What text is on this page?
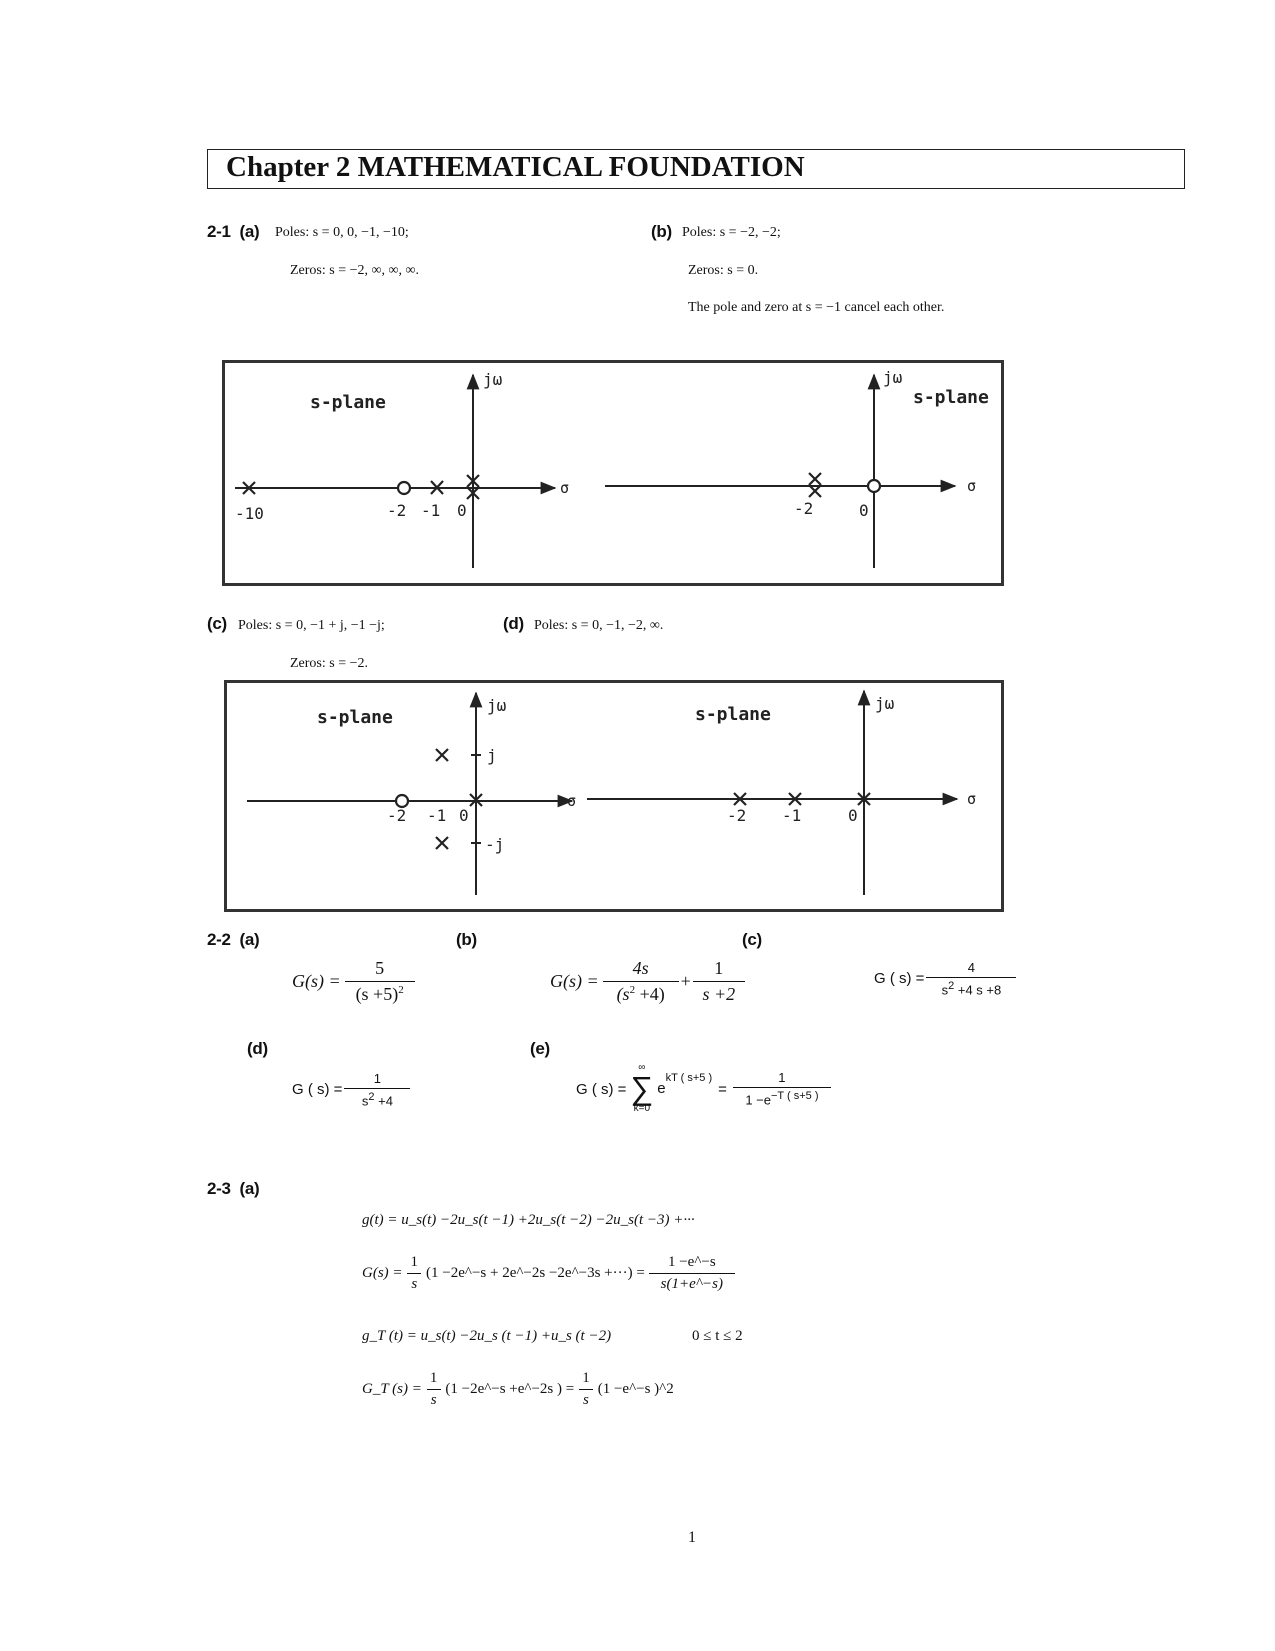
Chapter 2 MATHEMATICAL FOUNDATION
2-1 (a) Poles: s = 0, 0, −1, −10;
Zeros: s = −2, ∞, ∞, ∞.
(b) Poles: s = −2, −2;
Zeros: s = 0.
The pole and zero at s = −1 cancel each other.
jω
σ
s-plane
-10	-2 -1 0
jω
σ
s-plane
-2	0
(c) Poles: s = 0, −1 + j, −1 −j;
Zeros: s = −2.
(d) Poles: s = 0, −1, −2, ∞.
jω
σ
s-plane
j
-j
-2 -1 0
jω
σ
s-plane
-2 -1	0
2-2 (a)	(b)	(c)
$G(s) = \frac{5}{(s +5)^2}$	$G(s) = \frac{4s}{(s^2 +4)} + \frac{1}{s +2}$	G ( $s) = \frac{4}{s^2 +4 s +8}$
(d)	(e)
G ( $s) = \frac{1}{s^2 +4}$	G ( s) =
∞
∑
k=0
$e^{kT ( s+5 )}$
= $\frac{1}{1 -e^{-T ( s+5 )}}$
2-3 (a)
g(t) = u_s(t) −2u_s(t −1) +2u_s(t −2) −2u_s(t −3) +···
$G(s) = \frac{1}{s} (1$ −2e^−s + 2e^−2s −2e^−3s +···) = $\frac{1 -e\^{}-s}{s(1+e\^{}-s)}$
g_T (t) = u_s(t) −2u_s (t −1) +u_s (t −2)	0 ≤ t ≤ 2
G_T $(s) = \frac{1}{s} (1$ −2e^−s +e^−2s ) = $\frac{1}{s} (1$ −e^−s )^2
1
